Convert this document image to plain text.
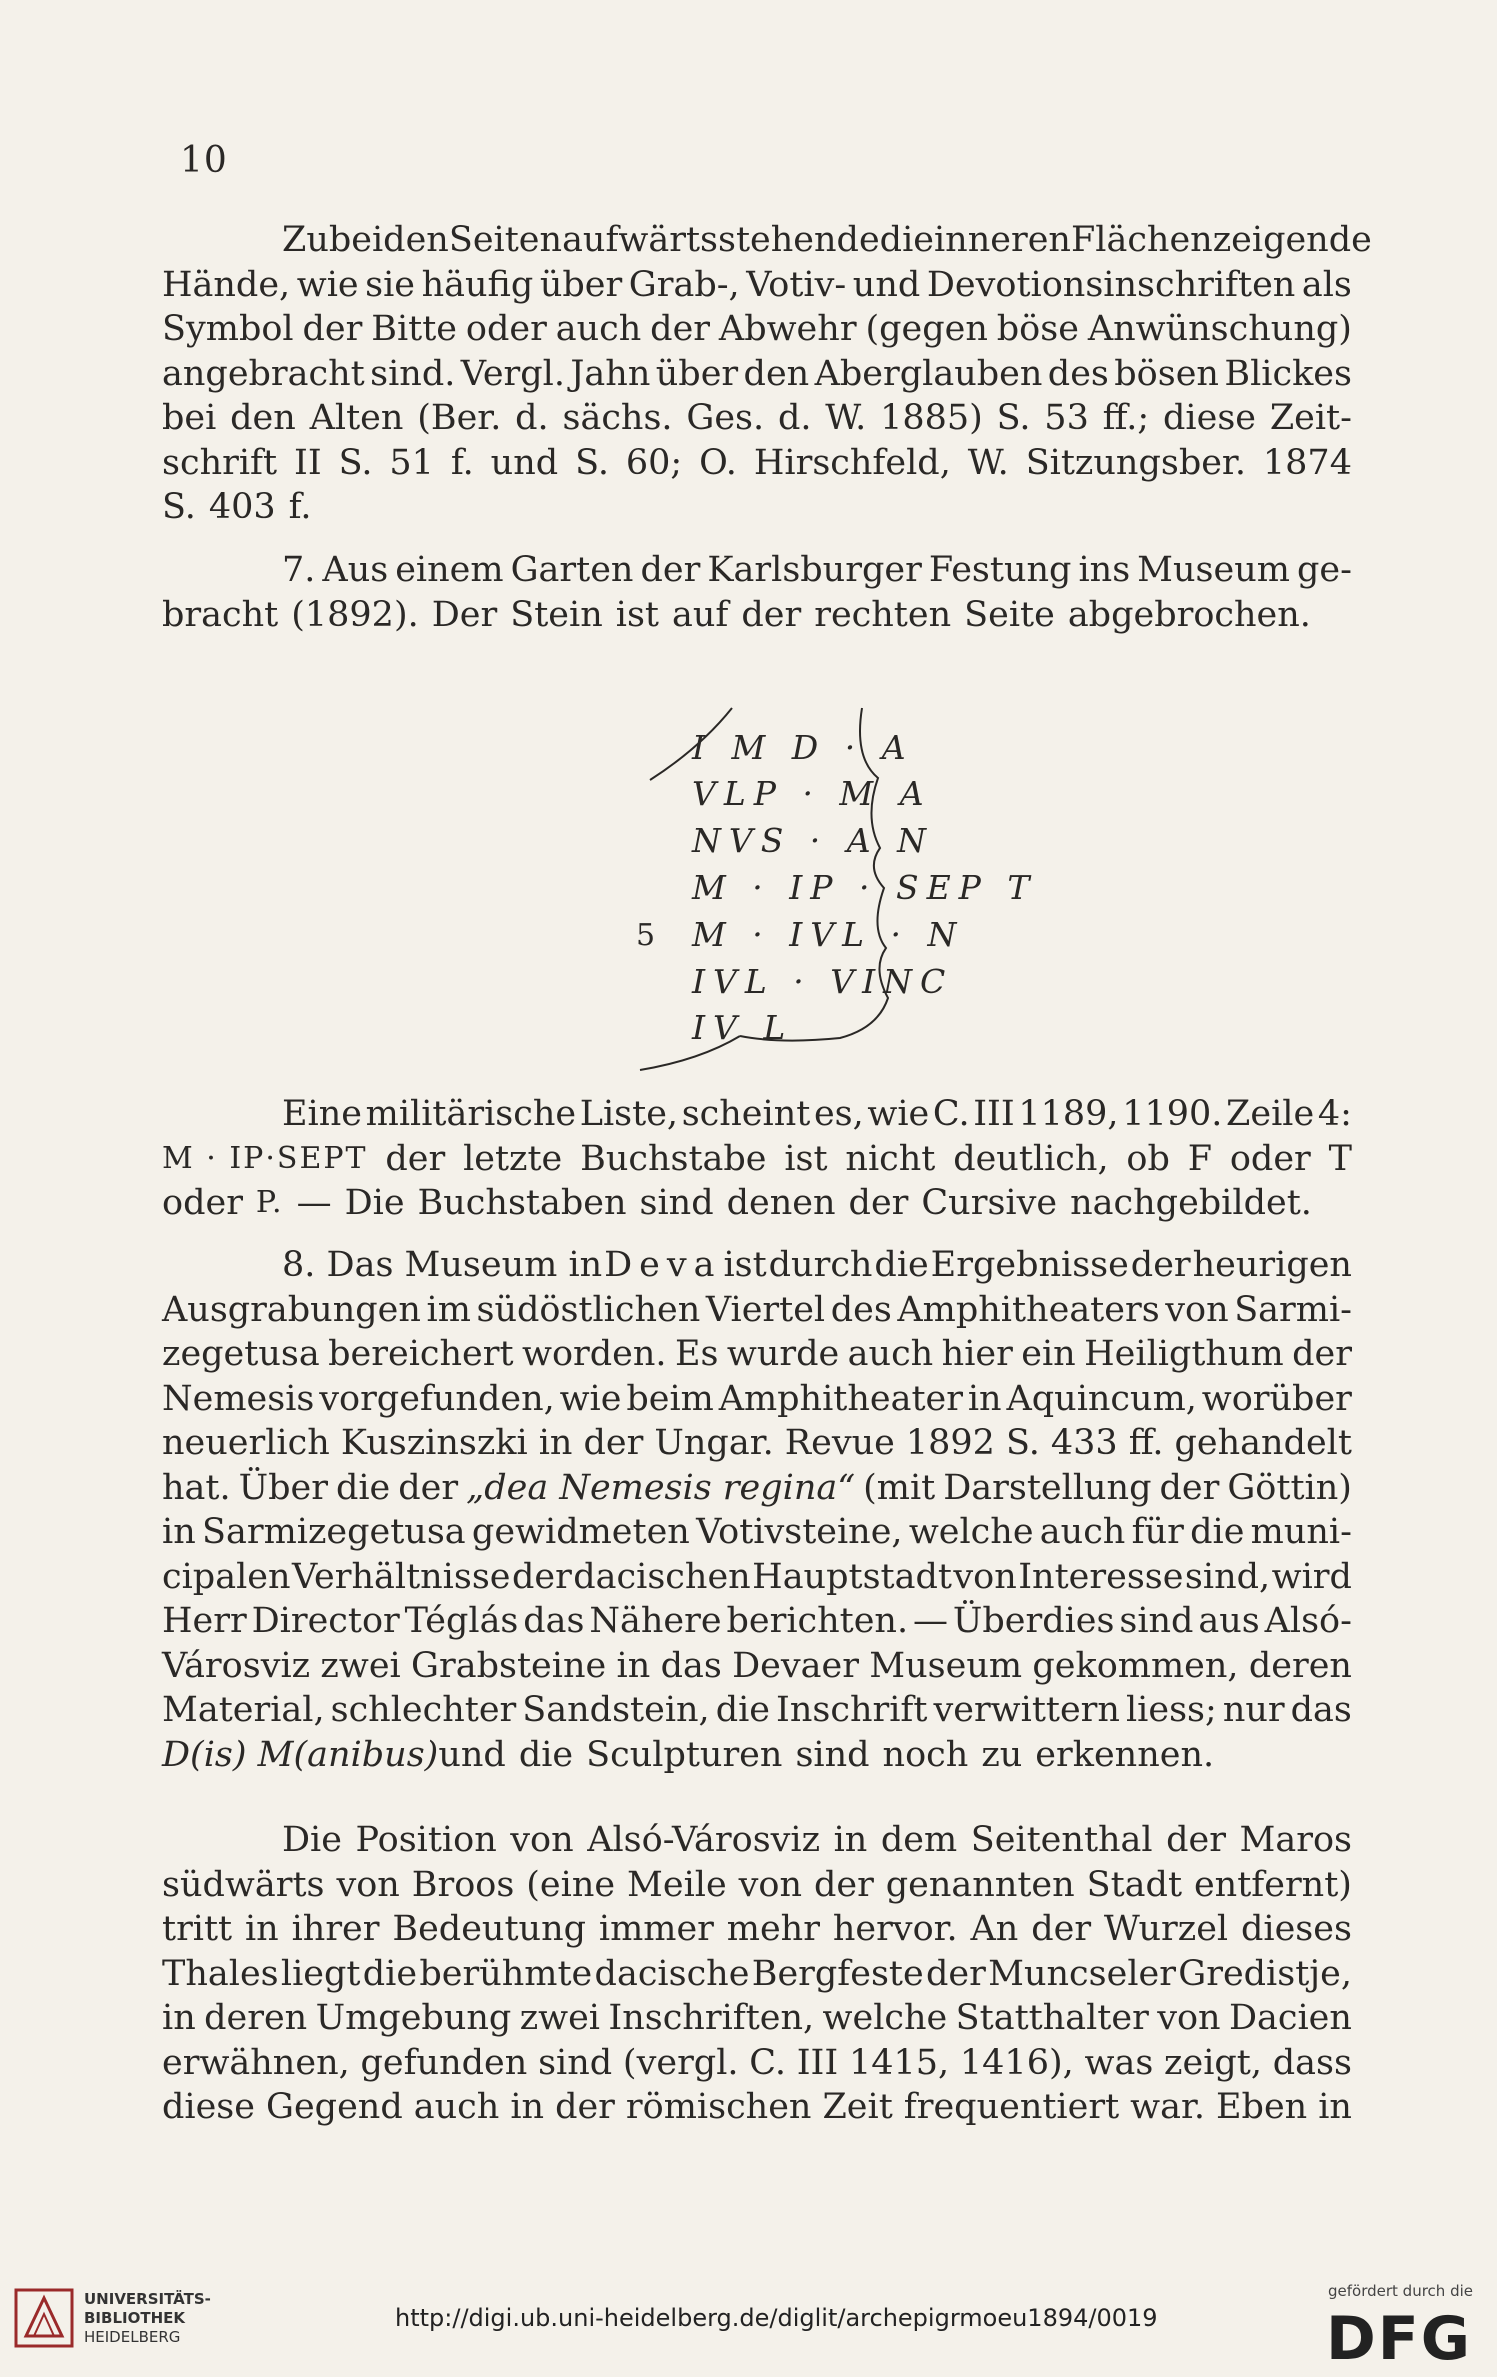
10
Zu beiden Seiten aufwärtsstehende die inneren Flächen zeigende
Hände, wie sie häufig über Grab-, Votiv- und Devotionsinschriften als
Symbol der Bitte oder auch der Abwehr (gegen böse Anwünschung)
angebracht sind. Vergl. Jahn über den Aberglauben des bösen Blickes
bei den Alten (Ber. d. sächs. Ges. d. W. 1885) S. 53 ff.; diese Zeit-
schrift II S. 51 f. und S. 60; O. Hirschfeld, W. Sitzungsber. 1874
S. 403 f.
7. Aus einem Garten der Karlsburger Festung ins Museum ge-
bracht (1892). Der Stein ist auf der rechten Seite abgebrochen.
I M D · A
VLP · M A
NVS · A N
M · IP · SEP T
M · IVL · N
IVL · VINC
IV L
5
Eine militärische Liste, scheint es, wie C. III 1189, 1190. Zeile 4:
M · IP·SEPT der letzte Buchstabe ist nicht deutlich, ob F oder T
oder P. — Die Buchstaben sind denen der Cursive nachgebildet.
8. Das Museum in Deva ist durch die Ergebnisse der heurigen
Ausgrabungen im südöstlichen Viertel des Amphitheaters von Sarmi-
zegetusa bereichert worden. Es wurde auch hier ein Heiligthum der
Nemesis vorgefunden, wie beim Amphitheater in Aquincum, worüber
neuerlich Kuszinszki in der Ungar. Revue 1892 S. 433 ff. gehandelt
hat. Über die der „dea Nemesis regina“ (mit Darstellung der Göttin)
in Sarmizegetusa gewidmeten Votivsteine, welche auch für die muni-
cipalen Verhältnisse der dacischen Hauptstadt von Interesse sind, wird
Herr Director Téglás das Nähere berichten. — Überdies sind aus Alsó-
Városviz zwei Grabsteine in das Devaer Museum gekommen, deren
Material, schlechter Sandstein, die Inschrift verwittern liess; nur das
D(is) M(anibus) und die Sculpturen sind noch zu erkennen.
Die Position von Alsó-Városviz in dem Seitenthal der Maros
südwärts von Broos (eine Meile von der genannten Stadt entfernt)
tritt in ihrer Bedeutung immer mehr hervor. An der Wurzel dieses
Thales liegt die berühmte dacische Bergfeste der Muncseler Gredistje,
in deren Umgebung zwei Inschriften, welche Statthalter von Dacien
erwähnen, gefunden sind (vergl. C. III 1415, 1416), was zeigt, dass
diese Gegend auch in der römischen Zeit frequentiert war. Eben in
UNIVERSITÄTS-
BIBLIOTHEK
HEIDELBERG
http://digi.ub.uni-heidelberg.de/diglit/archepigrmoeu1894/0019
gefördert durch die
DFG
